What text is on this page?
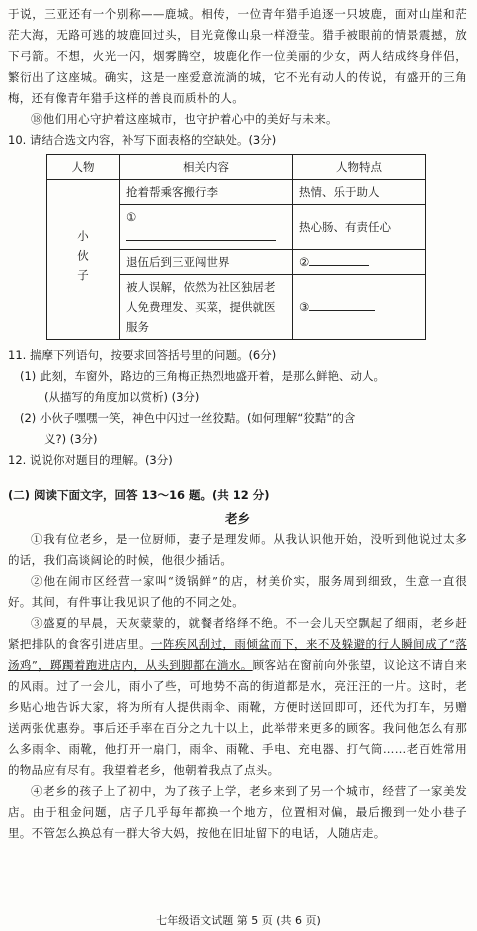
于说，三亚还有一个别称——鹿城。相传，一位青年猎手追逐一只坡鹿，面对山崖和茫茫大海，无路可逃的坡鹿回过头，目光竟像山泉一样澄莹。猎手被眼前的情景震撼，放下弓箭。不想，火光一闪，烟雾腾空，坡鹿化作一位美丽的少女，两人结成终身伴侣，繁衍出了这座城。确实，这是一座爱意流淌的城，它不光有动人的传说，有盛开的三角梅，还有像青年猎手这样的善良而质朴的人。

⑱他们用心守护着这座城市，也守护着心中的美好与未来。

10. 请结合选文内容，补写下面表格的空缺处。(3分)

人物	相关内容	人物特点
小伙子	抢着帮乘客搬行李	热情、乐于助人
	①	热心肠、有责任心
	退伍后到三亚闯世界	②
	被人误解，依然为社区独居老人免费理发、买菜，提供就医服务	③

11. 揣摩下列语句，按要求回答括号里的问题。(6分)

(1) 此刻，车窗外，路边的三角梅正热烈地盛开着，是那么鲜艳、动人。

(从描写的角度加以赏析) (3分)

(2) 小伙子嘿嘿一笑，神色中闪过一丝狡黠。(如何理解“狡黠”的含

义?) (3分)

12. 说说你对题目的理解。(3分)

(二) 阅读下面文字，回答 13～16 题。(共 12 分)

老乡

①我有位老乡，是一位厨师，妻子是理发师。从我认识他开始，没听到他说过太多的话，我们高谈阔论的时候，他很少插话。

②他在闹市区经营一家叫“烫锅鲜”的店，材美价实，服务周到细致，生意一直很好。其间，有件事让我见识了他的不同之处。

③盛夏的早晨，天灰蒙蒙的，就餐者络绎不绝。不一会儿天空飘起了细雨，老乡赶紧把排队的食客引进店里。一阵疾风刮过，雨倾盆而下，来不及躲避的行人瞬间成了“落汤鸡”，踯躅着跑进店内，从头到脚都在淌水。顾客站在窗前向外张望，议论这不请自来的风雨。过了一会儿，雨小了些，可地势不高的街道都是水，亮汪汪的一片。这时，老乡贴心地告诉大家，将为所有人提供雨伞、雨靴，方便时送回即可，还代为打车，另赠送两张优惠券。事后还手率在百分之九十以上，此举带来更多的顾客。我问他怎么有那么多雨伞、雨靴，他打开一扇门，雨伞、雨靴、手电、充电器、打气筒……老百姓常用的物品应有尽有。我望着老乡，他朝着我点了点头。

④老乡的孩子上了初中，为了孩子上学，老乡来到了另一个城市，经营了一家美发店。由于租金问题，店子几乎每年都换一个地方，位置相对偏，最后搬到一处小巷子里。不管怎么换总有一群大爷大妈，按他在旧址留下的电话，人随店走。

七年级语文试题 第 5 页 (共 6 页)
